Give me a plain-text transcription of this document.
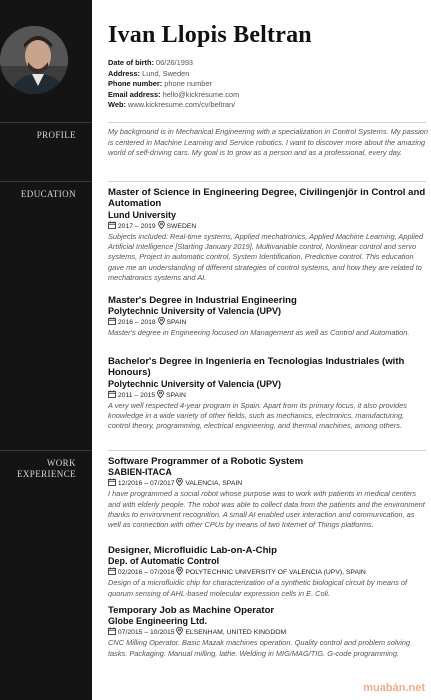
PROFILE
EDUCATION
WORK
EXPERIENCE
Ivan Llopis Beltran
Date of birth: 06/26/1993
Address: Lund, Sweden
Phone number: phone number
Email address: hello@kickresume.com
Web: www.kickresume.com/cv/beltran/
My background is in Mechanical Engineering with a specialization in Control Systems. My passion is centered in Machine Learning and Service robotics. I want to discover more about the amazing world of self-driving cars. My goal is to grow as a person and as a professional, every day.
Master of Science in Engineering Degree, Civilingenjör in Control and Automation
Lund University
2017 – 2019 SWEDEN
Subjects included: Real-time systems, Applied mechatronics, Applied Machine Learning, Applied Artificial Intelligence [Starting January 2019], Multivariable control, Nonlinear control and servo systems, Project in automatic control, System Identification, Predictive control. This education gave me an understanding of different strategies of control systems, and how they are related to mechatronics systems and AI.
Master's Degree in Industrial Engineering
Polytechnic University of Valencia (UPV)
2016 – 2018 SPAIN
Master's degree in Engineering focused on Management as well as Control and Automation.
Bachelor's Degree in Ingenieria en Tecnologias Industriales (with Honours)
Polytechnic University of Valencia (UPV)
2011 – 2015 SPAIN
A very well respected 4-year program in Spain. Apart from its primary focus, it also provides knowledge in a wide variety of other fields, such as mechanics, electronics, manufacturing, control theory, programming, electrical engineering, and thermal machines, among others.
Software Programmer of a Robotic System
SABIEN-ITACA
12/2016 – 07/2017 VALENCIA, SPAIN
I have programmed a social robot whose purpose was to work with patients in medical centers and with elderly people. The robot was able to collect data from the patients and the environment thanks to environment recognition. A small AI enabled user interaction and communication, as well as connection with other CPUs by means of two Internet of Things platforms.
Designer, Microfluidic Lab-on-A-Chip
Dep. of Automatic Control
02/2016 – 07/2016 POLYTECHNIC UNIVERSITY OF VALENCIA (UPV), SPAIN
Design of a microfluidic chip for characterization of a synthetic biological circuit by means of quorum sensing of AHL-based molecular expression cells in E. Coli.
Temporary Job as Machine Operator
Globe Engineering Ltd.
07/2015 – 10/2015 ELSENHAM, UNITED KINGDOM
CNC Milling Operator. Basic Mazak machines operation. Quality control and problem solving tasks. Packaging. Manual milling, lathe. Welding in MIG/MAG/TIG. G-code programming.
muabán.net
